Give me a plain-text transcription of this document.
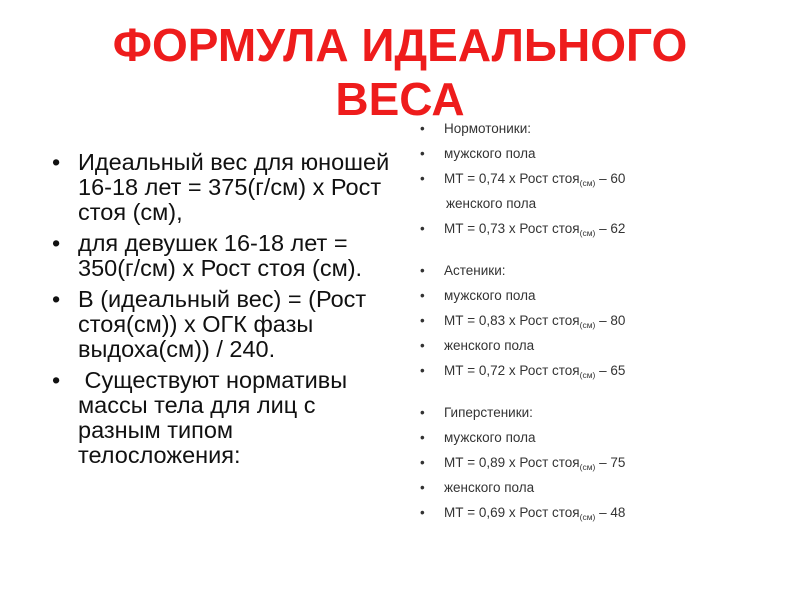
ФОРМУЛА ИДЕАЛЬНОГО
ВЕСА
• Идеальный вес для юношей 16-18 лет = 375(г/см) х Рост стоя (см),
• для девушек 16-18 лет = 350(г/см) х Рост стоя (см).
• В (идеальный вес) = (Рост стоя(см)) х ОГК фазы выдоха(см)) / 240.
•  Существуют нормативы массы тела для лиц с разным типом телосложения:
• Нормотоники:
• мужского пола
• МТ = 0,74 х Рост стоя$_{(см)}$ – 60
женского пола
• МТ = 0,73 х Рост стоя$_{(см)}$ – 62
• Астеники:
• мужского пола
• МТ = 0,83 х Рост стоя$_{(см)}$ – 80
• женского пола
• МТ = 0,72 х Рост стоя$_{(см)}$ – 65
• Гиперстеники:
• мужского пола
• МТ = 0,89 х Рост стоя$_{(см)}$ – 75
• женского пола
• МТ = 0,69 х Рост стоя$_{(см)}$ – 48
